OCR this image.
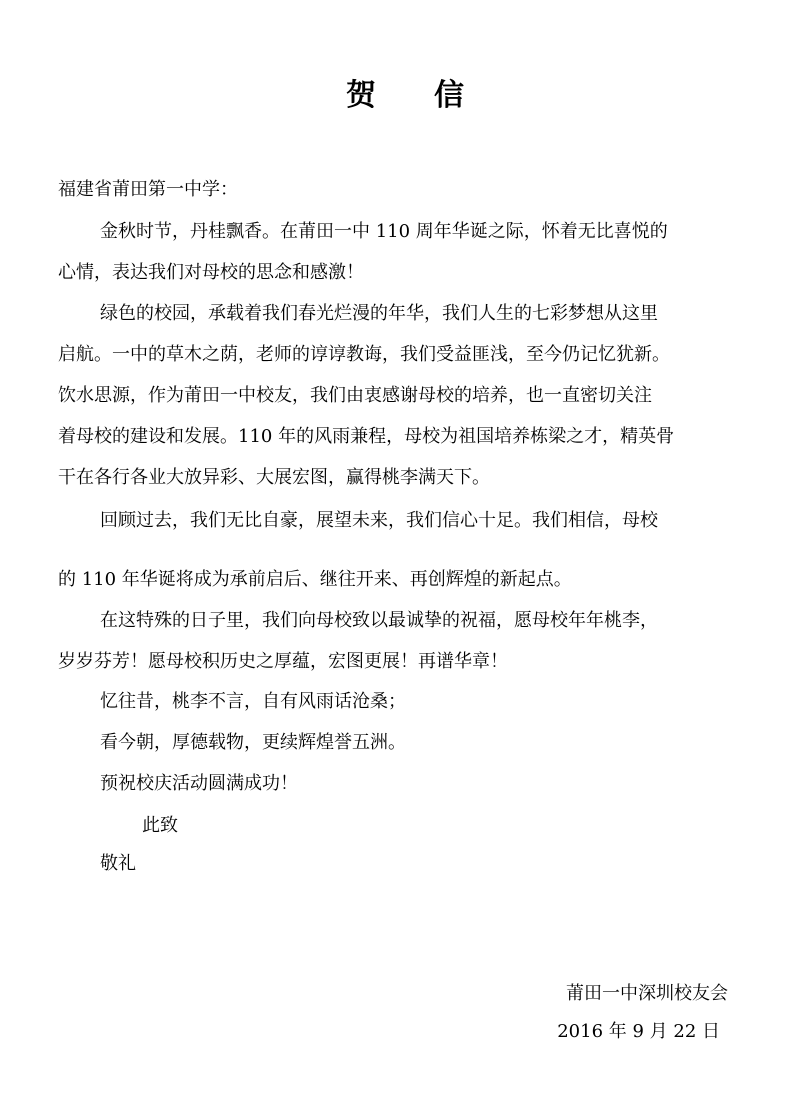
贺信
福建省莆田第一中学：
金秋时节，丹桂飘香。在莆田一中 110 周年华诞之际，怀着无比喜悦的
心情，表达我们对母校的思念和感激！
绿色的校园，承载着我们春光烂漫的年华，我们人生的七彩梦想从这里
启航。一中的草木之荫，老师的谆谆教诲，我们受益匪浅，至今仍记忆犹新。
饮水思源，作为莆田一中校友，我们由衷感谢母校的培养，也一直密切关注
着母校的建设和发展。110 年的风雨兼程，母校为祖国培养栋梁之才，精英骨
干在各行各业大放异彩、大展宏图，赢得桃李满天下。
回顾过去，我们无比自豪，展望未来，我们信心十足。我们相信，母校
的 110 年华诞将成为承前启后、继往开来、再创辉煌的新起点。
在这特殊的日子里，我们向母校致以最诚挚的祝福，愿母校年年桃李，
岁岁芬芳！愿母校积历史之厚蕴，宏图更展！再谱华章！
忆往昔，桃李不言，自有风雨话沧桑；
看今朝，厚德载物，更续辉煌誉五洲。
预祝校庆活动圆满成功！
此致
敬礼
莆田一中深圳校友会
2016 年 9 月 22 日
